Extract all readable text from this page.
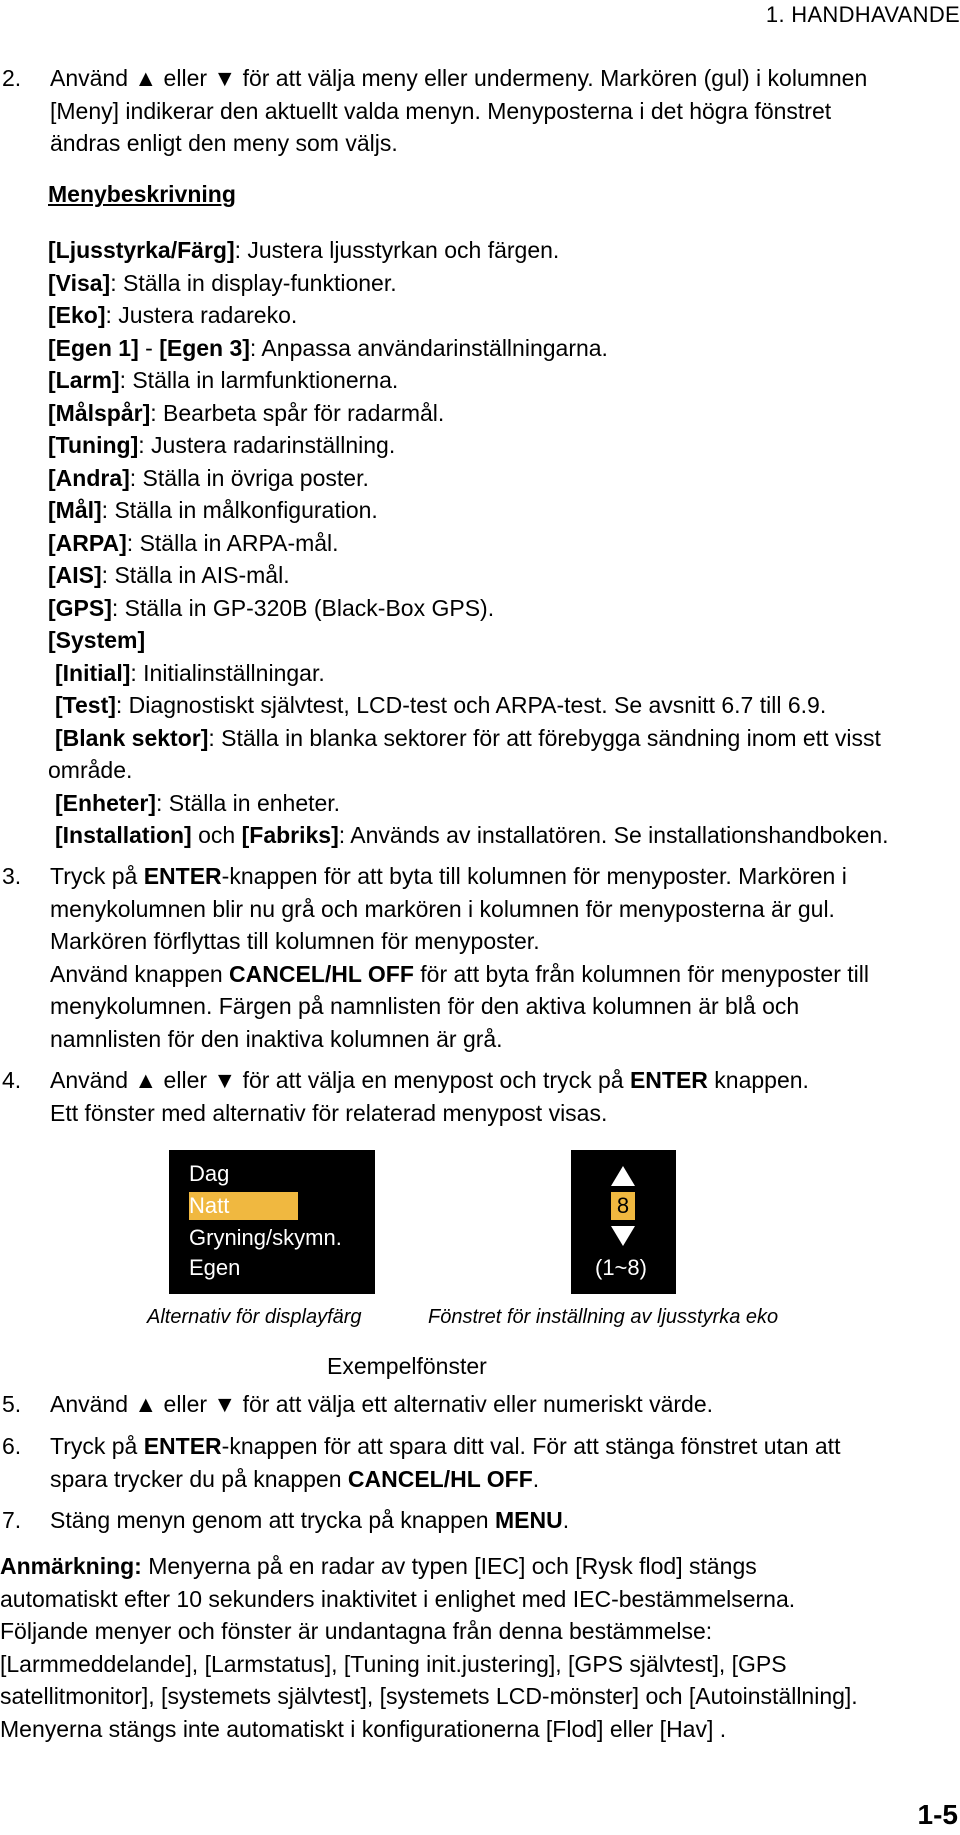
1. HANDHAVANDE
2. Använd ▲ eller ▼ för att välja meny eller undermeny. Markören (gul) i kolumnen
[Meny] indikerar den aktuellt valda menyn. Menyposterna i det högra fönstret
ändras enligt den meny som väljs.
Menybeskrivning
[Ljusstyrka/Färg]: Justera ljusstyrkan och färgen.
[Visa]: Ställa in display-funktioner.
[Eko]: Justera radareko.
[Egen 1] - [Egen 3]: Anpassa användarinställningarna.
[Larm]: Ställa in larmfunktionerna.
[Målspår]: Bearbeta spår för radarmål.
[Tuning]: Justera radarinställning.
[Andra]: Ställa in övriga poster.
[Mål]: Ställa in målkonfiguration.
[ARPA]: Ställa in ARPA-mål.
[AIS]: Ställa in AIS-mål.
[GPS]: Ställa in GP-320B (Black-Box GPS).
[System]
[Initial]: Initialinställningar.
[Test]: Diagnostiskt självtest, LCD-test och ARPA-test. Se avsnitt 6.7 till 6.9.
[Blank sektor]: Ställa in blanka sektorer för att förebygga sändning inom ett visst
område.
[Enheter]: Ställa in enheter.
[Installation] och [Fabriks]: Används av installatören. Se installationshandboken.
3. Tryck på ENTER-knappen för att byta till kolumnen för menyposter. Markören i
menykolumnen blir nu grå och markören i kolumnen för menyposterna är gul.
Markören förflyttas till kolumnen för menyposter.
Använd knappen CANCEL/HL OFF för att byta från kolumnen för menyposter till
menykolumnen. Färgen på namnlisten för den aktiva kolumnen är blå och
namnlisten för den inaktiva kolumnen är grå.
4. Använd ▲ eller ▼ för att välja en menypost och tryck på ENTER knappen.
Ett fönster med alternativ för relaterad menypost visas.
Dag
Natt
Gryning/skymn.
Egen
8
(1~8)
Alternativ för displayfärg	Fönstret för inställning av ljusstyrka eko
Exempelfönster
5. Använd ▲ eller ▼ för att välja ett alternativ eller numeriskt värde.
6. Tryck på ENTER-knappen för att spara ditt val. För att stänga fönstret utan att
spara trycker du på knappen CANCEL/HL OFF.
7. Stäng menyn genom att trycka på knappen MENU.
Anmärkning: Menyerna på en radar av typen [IEC] och [Rysk flod] stängs
automatiskt efter 10 sekunders inaktivitet i enlighet med IEC-bestämmelserna.
Följande menyer och fönster är undantagna från denna bestämmelse:
[Larmmeddelande], [Larmstatus], [Tuning init.justering], [GPS självtest], [GPS
satellitmonitor], [systemets självtest], [systemets LCD-mönster] och [Autoinställning].
Menyerna stängs inte automatiskt i konfigurationerna [Flod] eller [Hav] .
1-5
